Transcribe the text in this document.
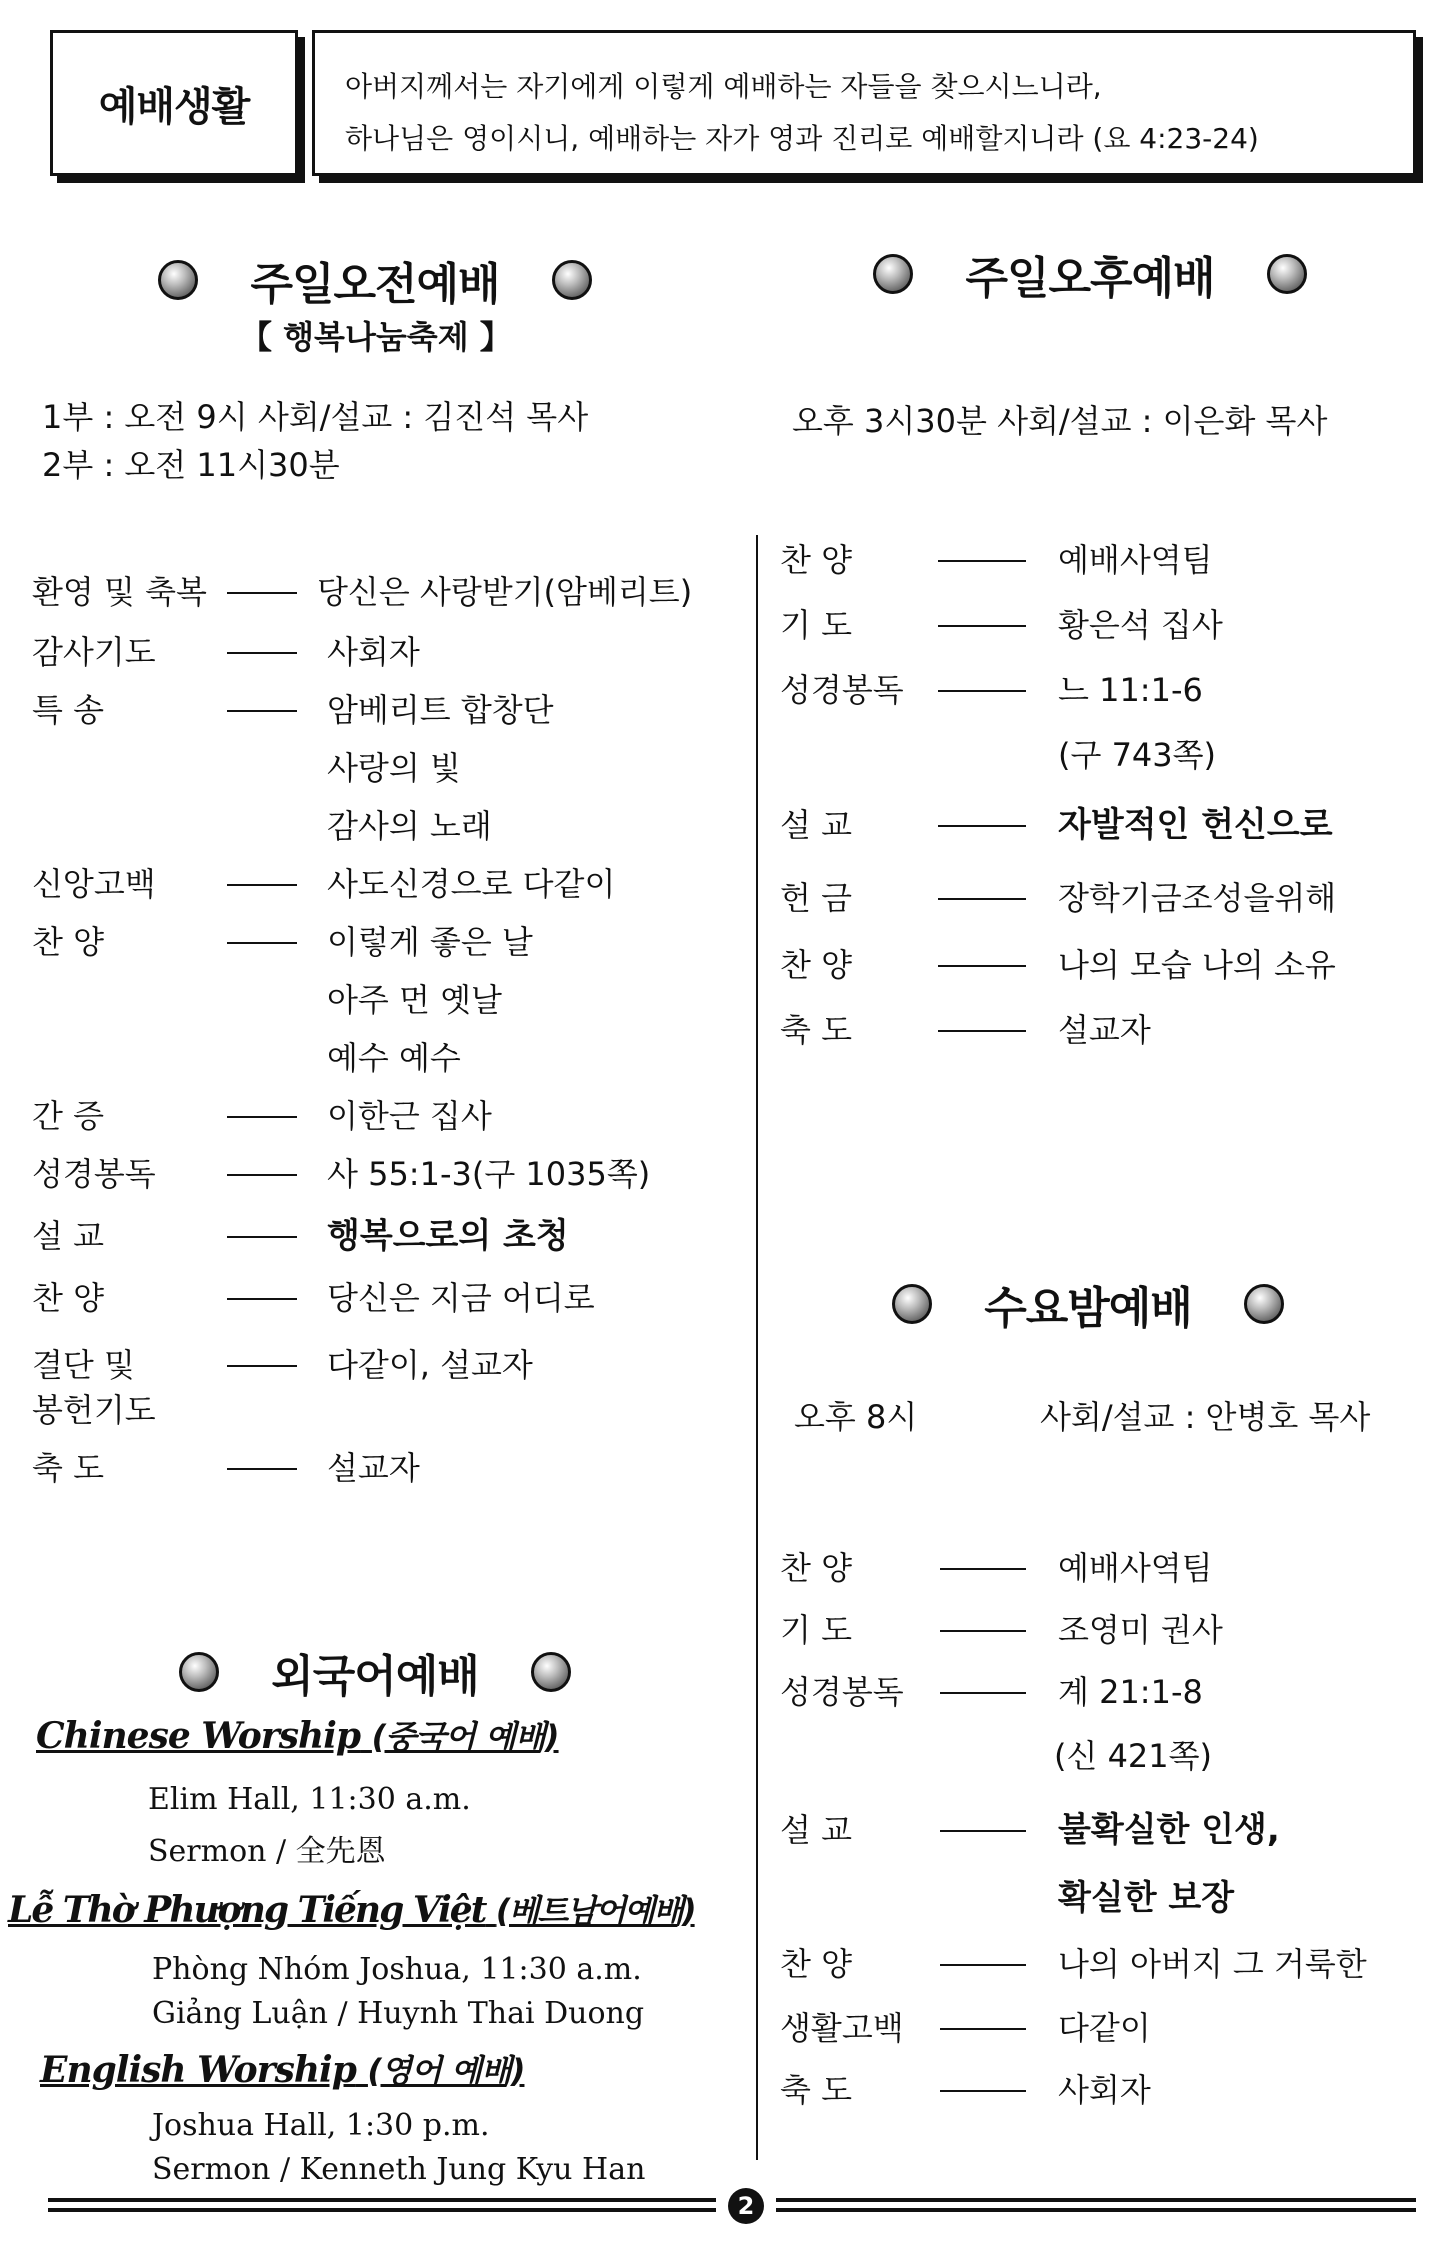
예배생활	아버지께서는 자기에게 이렇게 예배하는 자들을 찾으시느니라,
하나님은 영이시니, 예배하는 자가 영과 진리로 예배할지니라 (요 4:23-24)
주일오전예배
【 행복나눔축제 】
1부 : 오전 9시 사회/설교 : 김진석 목사
2부 : 오전 11시30분
환영 및 축복	당신은 사랑받기(암베리트)
감사기도	사회자
특 송	암베리트 합창단
사랑의 빛
감사의 노래
신앙고백	사도신경으로 다같이
찬 양	이렇게 좋은 날
아주 먼 옛날
예수 예수
간 증	이한근 집사
성경봉독	사 55:1-3(구 1035쪽)
설 교	행복으로의 초청
찬 양	당신은 지금 어디로
결단 및	다같이, 설교자
봉헌기도
축 도	설교자
외국어예배
Chinese Worship (중국어 예배)
Elim Hall, 11:30 a.m.
Sermon / 全先恩
Lễ Thờ Phượng Tiếng Việt (베트남어예배)
Phòng Nhóm Joshua, 11:30 a.m.
Giảng Luận / Huynh Thai Duong
English Worship (영어 예배)
Joshua Hall, 1:30 p.m.
Sermon / Kenneth Jung Kyu Han
주일오후예배
오후 3시30분 사회/설교 : 이은화 목사
찬 양	예배사역팀
기 도	황은석 집사
성경봉독	느 11:1-6
(구 743쪽)
설 교	자발적인 헌신으로
헌 금	장학기금조성을위해
찬 양	나의 모습 나의 소유
축 도	설교자
수요밤예배
오후 8시	사회/설교 : 안병호 목사
찬 양	예배사역팀
기 도	조영미 권사
성경봉독	계 21:1-8
(신 421쪽)
설 교	불확실한 인생,
확실한 보장
찬 양	나의 아버지 그 거룩한
생활고백	다같이
축 도	사회자
2
